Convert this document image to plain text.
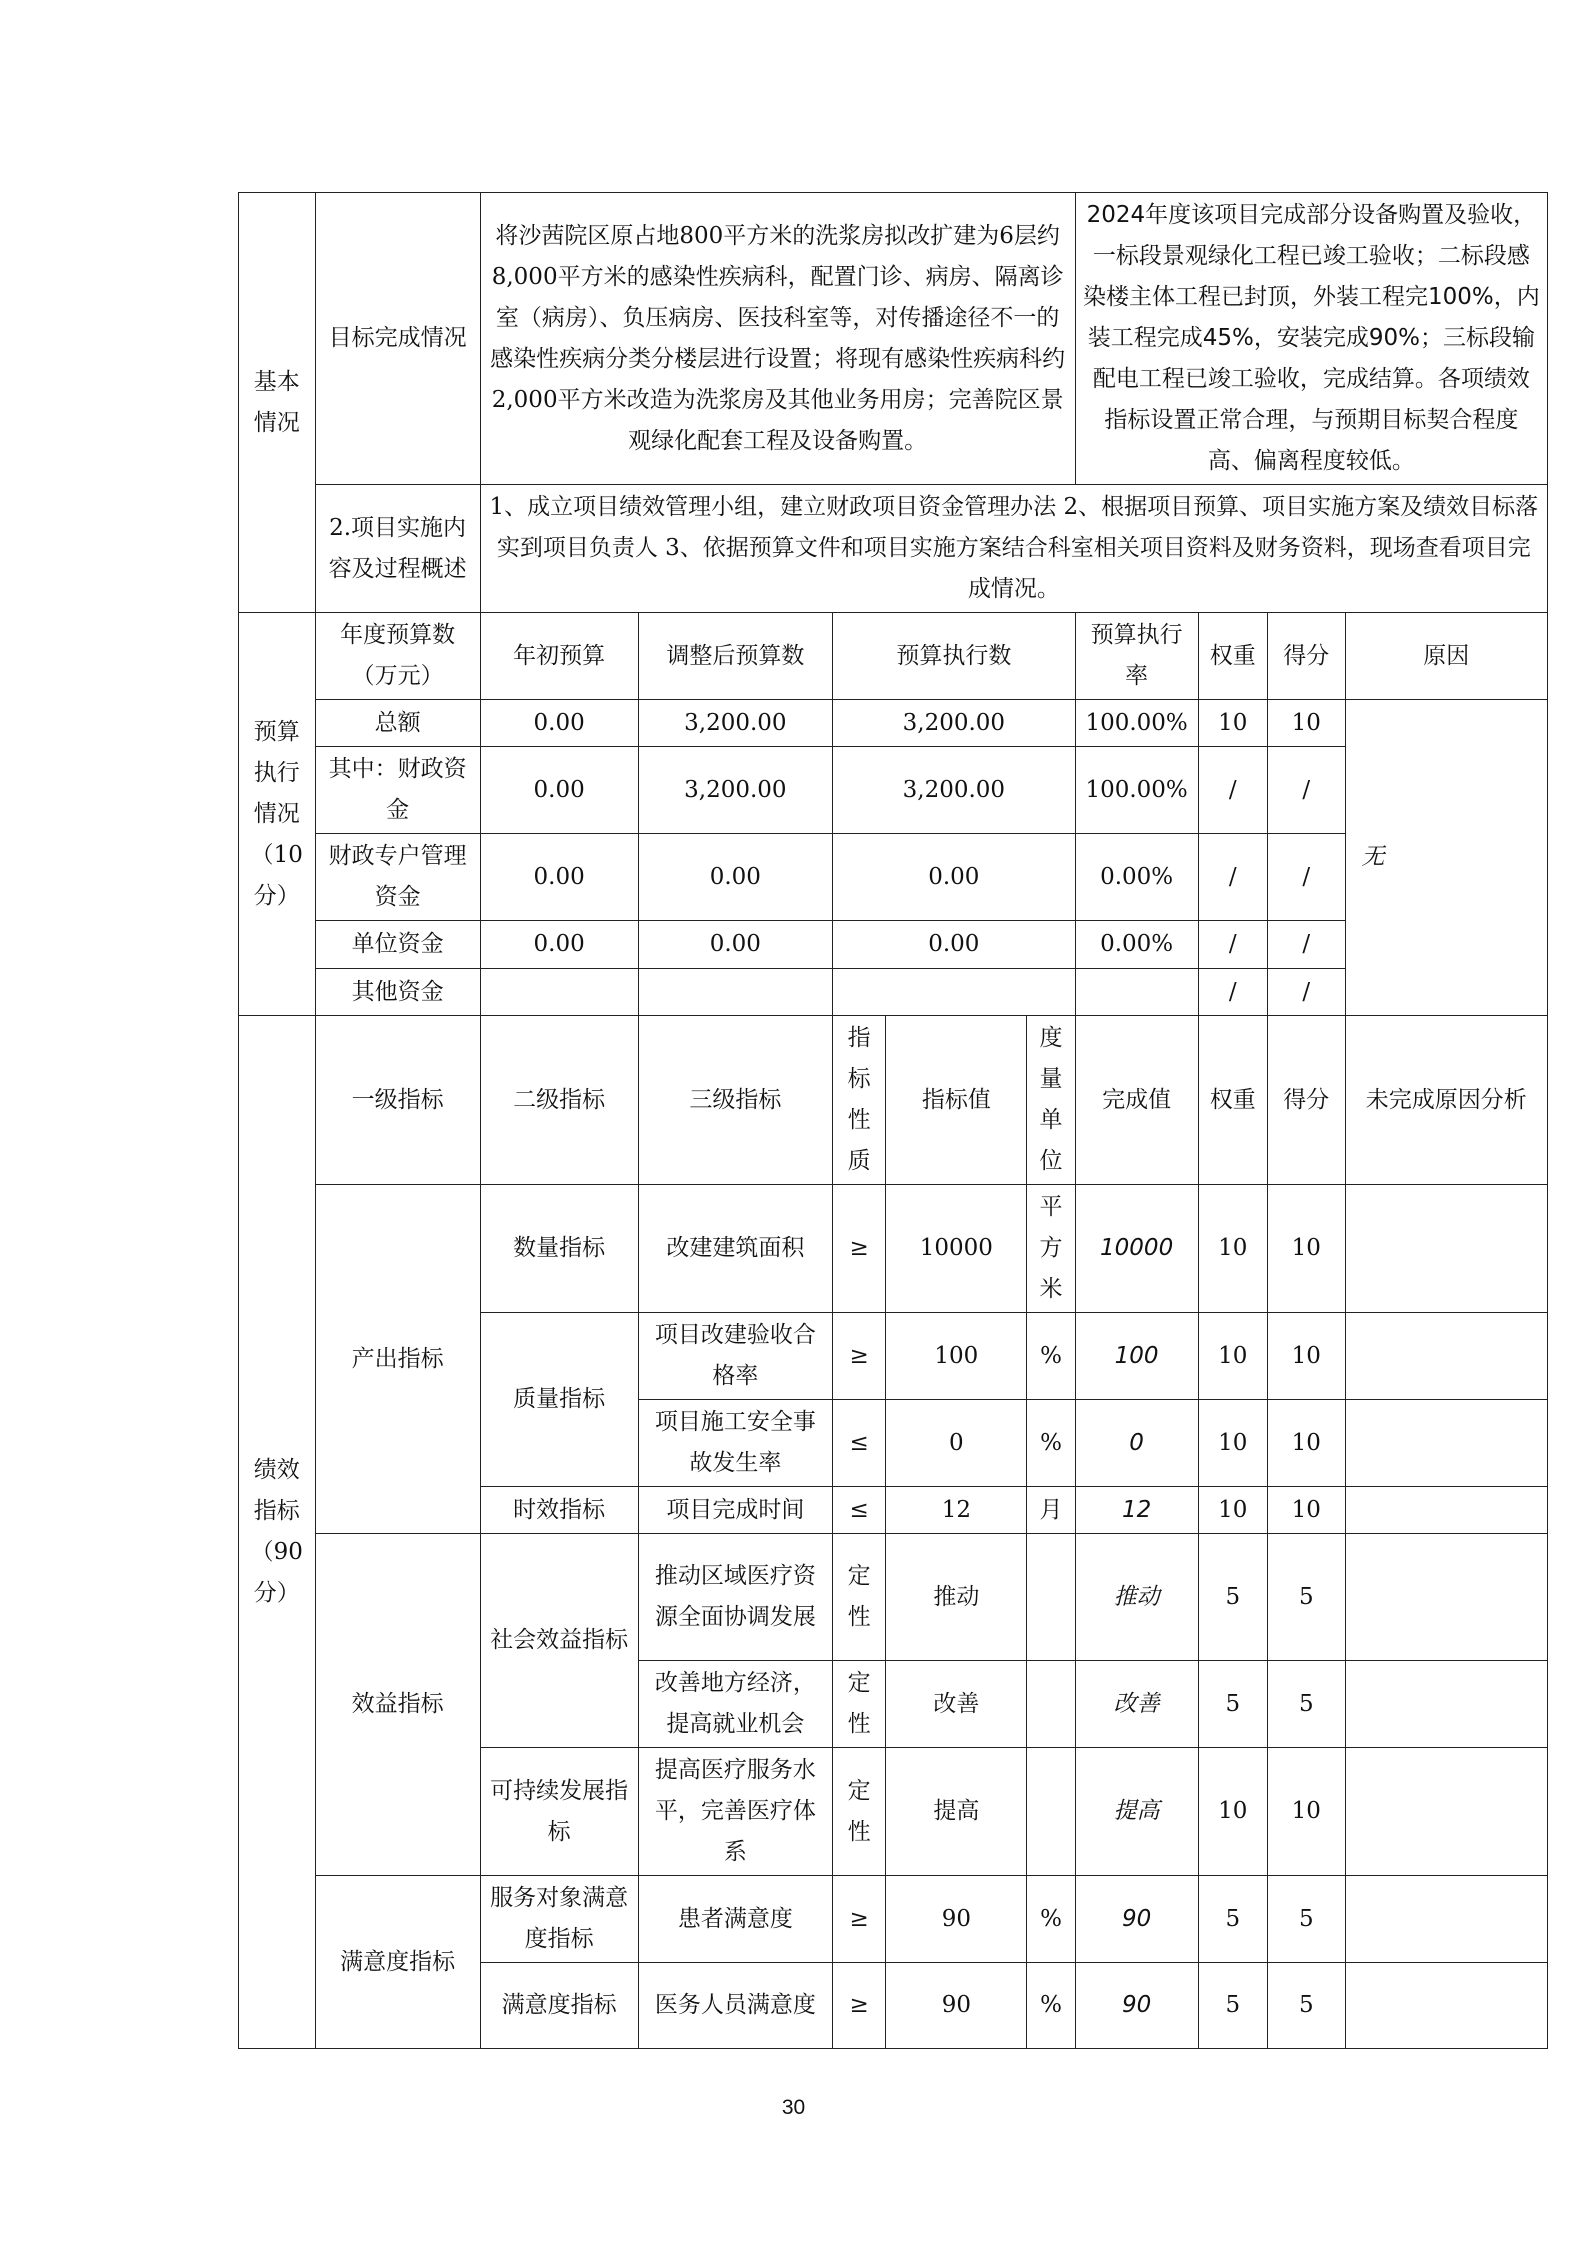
基本情况	目标完成情况	将沙茜院区原占地800平方米的洗浆房拟改扩建为6层约8,000平方米的感染性疾病科，配置门诊、病房、隔离诊室（病房）、负压病房、医技科室等，对传播途径不一的感染性疾病分类分楼层进行设置；将现有感染性疾病科约2,000平方米改造为洗浆房及其他业务用房；完善院区景观绿化配套工程及设备购置。					2024年度该项目完成部分设备购置及验收，一标段景观绿化工程已竣工验收；二标段感染楼主体工程已封顶，外装工程完100%，内装工程完成45%，安装完成90%；三标段输配电工程已竣工验收，完成结算。各项绩效指标设置正常合理，与预期目标契合程度高、偏离程度较低。			
	2.项目实施内容及过程概述	1、成立项目绩效管理小组，建立财政项目资金管理办法 2、根据项目预算、项目实施方案及绩效目标落实到项目负责人 3、依据预算文件和项目实施方案结合科室相关项目资料及财务资料，现场查看项目完成情况。								
预算执行情况（10分）	年度预算数（万元）	年初预算	调整后预算数	预算执行数			预算执行率	权重	得分	原因
	总额	0.00	3,200.00	3,200.00			100.00%	10	10	无
	其中：财政资金	0.00	3,200.00	3,200.00			100.00%	/	/	
	财政专户管理资金	0.00	0.00	0.00			0.00%	/	/	
	单位资金	0.00	0.00	0.00			0.00%	/	/	
	其他资金							/	/	
绩效指标（90分）	一级指标	二级指标	三级指标	指标性质	指标值	度量单位	完成值	权重	得分	未完成原因分析
	产出指标	数量指标	改建建筑面积	≥	10000	平方米	10000	10	10	
		质量指标	项目改建验收合格率	≥	100	%	100	10	10	
			项目施工安全事故发生率	≤	0	%	0	10	10	
		时效指标	项目完成时间	≤	12	月	12	10	10	
	效益指标	社会效益指标	推动区域医疗资源全面协调发展	定性	推动		推动	5	5	
			改善地方经济，提高就业机会	定性	改善		改善	5	5	
		可持续发展指标	提高医疗服务水平，完善医疗体系	定性	提高		提高	10	10	
	满意度指标	服务对象满意度指标	患者满意度	≥	90	%	90	5	5	
		满意度指标	医务人员满意度	≥	90	%	90	5	5	
30
